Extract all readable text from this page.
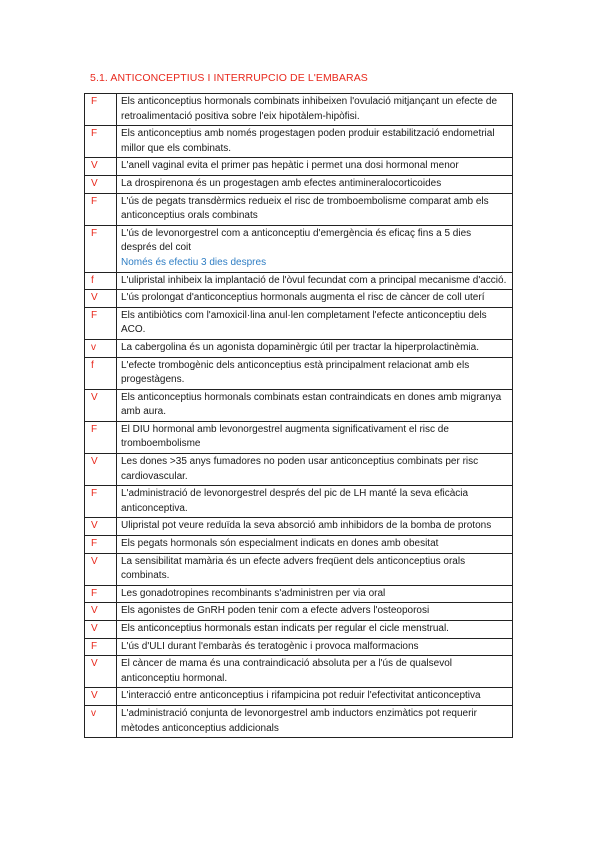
5.1. ANTICONCEPTIUS I INTERRUPCIO DE L'EMBARAS
F	Els anticonceptius hormonals combinats inhibeixen l'ovulació mitjançant un efecte de retroalimentació positiva sobre l'eix hipotàlem-hipòfisi.
F	Els anticonceptius amb només progestagen poden produir estabilització endometrial millor que els combinats.
V	L'anell vaginal evita el primer pas hepàtic i permet una dosi hormonal menor
V	La drospirenona és un progestagen amb efectes antimineralocorticoides
F	L'ús de pegats transdèrmics redueix el risc de tromboembolisme comparat amb els anticonceptius orals combinats
F	L'ús de levonorgestrel com a anticonceptiu d'emergència és eficaç fins a 5 dies després del coit
Només és efectiu 3 dies despres

f	L'ulipristal inhibeix la implantació de l'òvul fecundat com a principal mecanisme d'acció.
V	L'ús prolongat d'anticonceptius hormonals augmenta el risc de càncer de coll uterí
F	Els antibiòtics com l'amoxicil·lina anul·len completament l'efecte anticonceptiu dels ACO.
v	La cabergolina és un agonista dopaminèrgic útil per tractar la hiperprolactinèmia.
f	L'efecte trombogènic dels anticonceptius està principalment relacionat amb els progestàgens.
V	Els anticonceptius hormonals combinats estan contraindicats en dones amb migranya amb aura.
F	El DIU hormonal amb levonorgestrel augmenta significativament el risc de tromboembolisme
V	Les dones >35 anys fumadores no poden usar anticonceptius combinats per risc cardiovascular.
F	L'administració de levonorgestrel després del pic de LH manté la seva eficàcia anticonceptiva.
V	Ulipristal pot veure reduïda la seva absorció amb inhibidors de la bomba de protons
F	Els pegats hormonals són especialment indicats en dones amb obesitat
V	La sensibilitat mamària és un efecte advers freqüent dels anticonceptius orals combinats.
F	Les gonadotropines recombinants s'administren per via oral
V	Els agonistes de GnRH poden tenir com a efecte advers l'osteoporosi
V	Els anticonceptius hormonals estan indicats per regular el cicle menstrual.
F	L'ús d'ULI durant l'embaràs és teratogènic i provoca malformacions
V	El càncer de mama és una contraindicació absoluta per a l'ús de qualsevol anticonceptiu hormonal.
V	L'interacció entre anticonceptius i rifampicina pot reduir l'efectivitat anticonceptiva
v	L'administració conjunta de levonorgestrel amb inductors enzimàtics pot requerir mètodes anticonceptius addicionals
